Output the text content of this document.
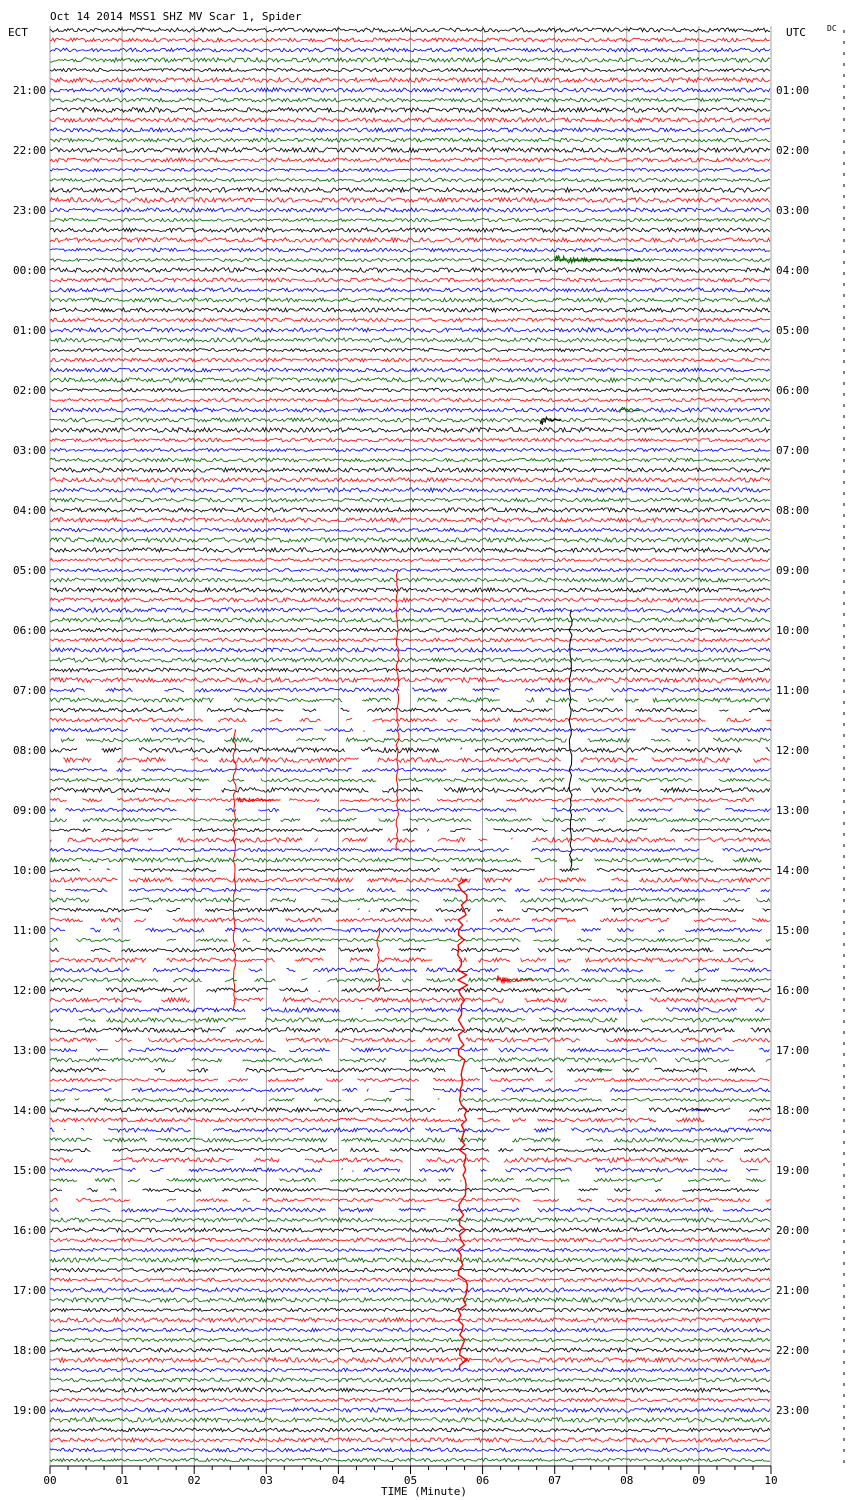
Oct 14 2014 MSS1 SHZ MV Scar 1, Spider
ECT	UTC	DC
21:00
22:00
23:00
00:00
01:00
02:00
03:00
04:00
05:00
06:00
07:00
08:00
09:00
10:00
11:00
12:00
13:00
14:00
15:00
16:00
17:00
18:00
19:00
01:00
02:00
03:00
04:00
05:00
06:00
07:00
08:00
09:00
10:00
11:00
12:00
13:00
14:00
15:00
16:00
17:00
18:00
19:00
20:00
21:00
22:00
23:00
00	01	02	03	04	05	06	07	08	09	10
TIME (Minute)
